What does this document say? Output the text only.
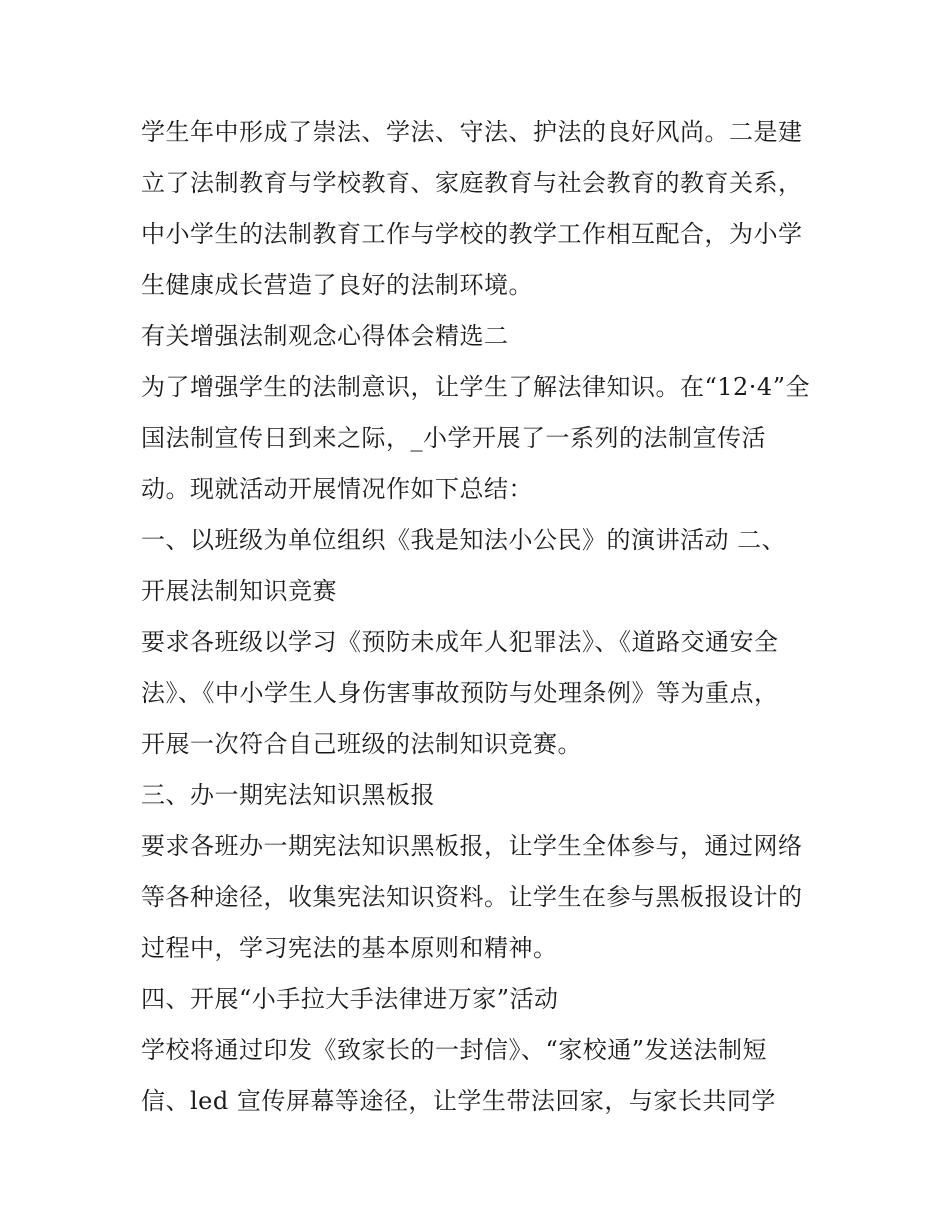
学生年中形成了崇法、学法、守法、护法的良好风尚。二是建
立了法制教育与学校教育、家庭教育与社会教育的教育关系，
中小学生的法制教育工作与学校的教学工作相互配合，为小学
生健康成长营造了良好的法制环境。
有关增强法制观念心得体会精选二
为了增强学生的法制意识，让学生了解法律知识。在“12·4”全
国法制宣传日到来之际，_小学开展了一系列的法制宣传活
动。现就活动开展情况作如下总结：
一、以班级为单位组织《我是知法小公民》的演讲活动 二、
开展法制知识竞赛
要求各班级以学习《预防未成年人犯罪法》、《道路交通安全
法》、《中小学生人身伤害事故预防与处理条例》等为重点，
开展一次符合自己班级的法制知识竞赛。
三、办一期宪法知识黑板报
要求各班办一期宪法知识黑板报，让学生全体参与，通过网络
等各种途径，收集宪法知识资料。让学生在参与黑板报设计的
过程中，学习宪法的基本原则和精神。
四、开展“小手拉大手法律进万家”活动
学校将通过印发《致家长的一封信》、“家校通”发送法制短
信、led 宣传屏幕等途径，让学生带法回家，与家长共同学
